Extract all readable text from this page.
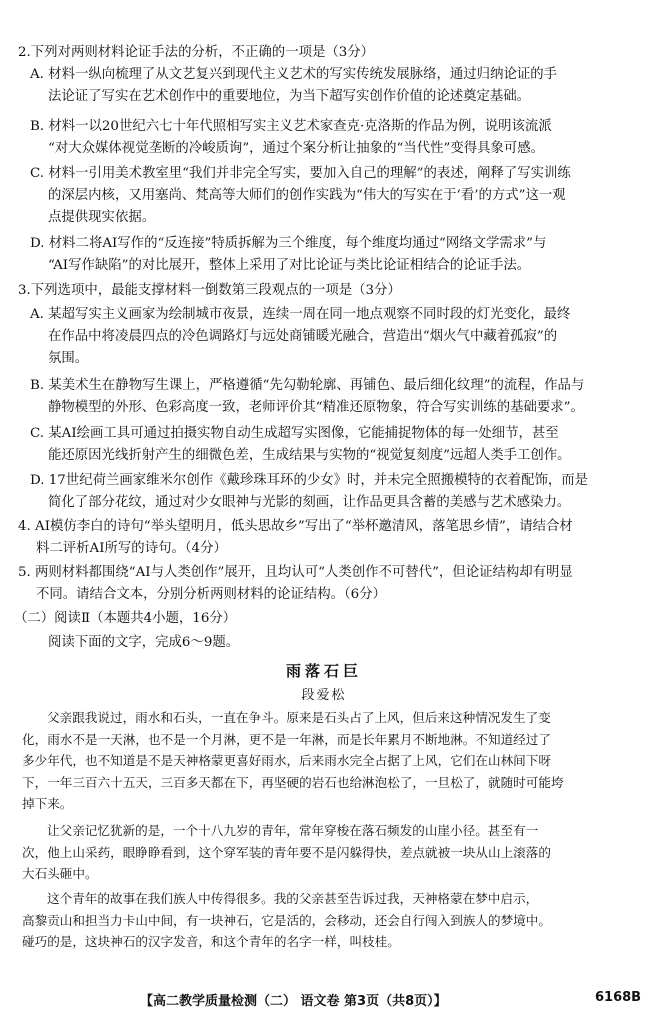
2.下列对两则材料论证手法的分析，不正确的一项是（3分）
A. 材料一纵向梳理了从文艺复兴到现代主义艺术的写实传统发展脉络，通过归纳论证的手
法论证了写实在艺术创作中的重要地位，为当下超写实创作价值的论述奠定基础。
B. 材料一以20世纪六七十年代照相写实主义艺术家查克·克洛斯的作品为例，说明该流派
“对大众媒体视觉垄断的冷峻质询”，通过个案分析让抽象的“当代性”变得具象可感。
C. 材料一引用美术教室里“我们并非完全写实，要加入自己的理解”的表述，阐释了写实训练
的深层内核，又用塞尚、梵高等大师们的创作实践为“伟大的写实在于‘看’的方式”这一观
点提供现实依据。
D. 材料二将AI写作的“反连接”特质拆解为三个维度，每个维度均通过“网络文学需求”与
“AI写作缺陷”的对比展开，整体上采用了对比论证与类比论证相结合的论证手法。
3.下列选项中，最能支撑材料一倒数第三段观点的一项是（3分）
A. 某超写实主义画家为绘制城市夜景，连续一周在同一地点观察不同时段的灯光变化，最终
在作品中将凌晨四点的冷色调路灯与远处商铺暖光融合，营造出“烟火气中藏着孤寂”的
氛围。
B. 某美术生在静物写生课上，严格遵循“先勾勒轮廓、再铺色、最后细化纹理”的流程，作品与
静物模型的外形、色彩高度一致，老师评价其“精准还原物象，符合写实训练的基础要求”。
C. 某AI绘画工具可通过拍摄实物自动生成超写实图像，它能捕捉物体的每一处细节，甚至
能还原因光线折射产生的细微色差，生成结果与实物的“视觉复刻度”远超人类手工创作。
D. 17世纪荷兰画家维米尔创作《戴珍珠耳环的少女》时，并未完全照搬模特的衣着配饰，而是
简化了部分花纹，通过对少女眼神与光影的刻画，让作品更具含蓄的美感与艺术感染力。
4. AI模仿李白的诗句“举头望明月，低头思故乡”写出了“举杯邀清风，落笔思乡情”，请结合材
料二评析AI所写的诗句。（4分）
5. 两则材料都围绕“AI与人类创作”展开，且均认可“人类创作不可替代”，但论证结构却有明显
不同。请结合文本，分别分析两则材料的论证结构。（6分）
（二）阅读Ⅱ（本题共4小题，16分）
阅读下面的文字，完成6～9题。
雨落石巨
段爱松
父亲跟我说过，雨水和石头，一直在争斗。原来是石头占了上风，但后来这种情况发生了变
化，雨水不是一天淋，也不是一个月淋，更不是一年淋，而是长年累月不断地淋。不知道经过了
多少年代，也不知道是不是天神格蒙更喜好雨水，后来雨水完全占据了上风，它们在山林间下呀
下，一年三百六十五天，三百多天都在下，再坚硬的岩石也给淋泡松了，一旦松了，就随时可能垮
掉下来。
让父亲记忆犹新的是，一个十八九岁的青年，常年穿梭在落石频发的山崖小径。甚至有一
次，他上山采药，眼睁睁看到，这个穿军装的青年要不是闪躲得快，差点就被一块从山上滚落的
大石头砸中。
这个青年的故事在我们族人中传得很多。我的父亲甚至告诉过我，天神格蒙在梦中启示，
高黎贡山和担当力卡山中间，有一块神石，它是活的，会移动，还会自行闯入到族人的梦境中。
碰巧的是，这块神石的汉字发音，和这个青年的名字一样，叫枝桂。
【高二教学质量检测（二） 语文卷 第3页（共8页）】	6168B
